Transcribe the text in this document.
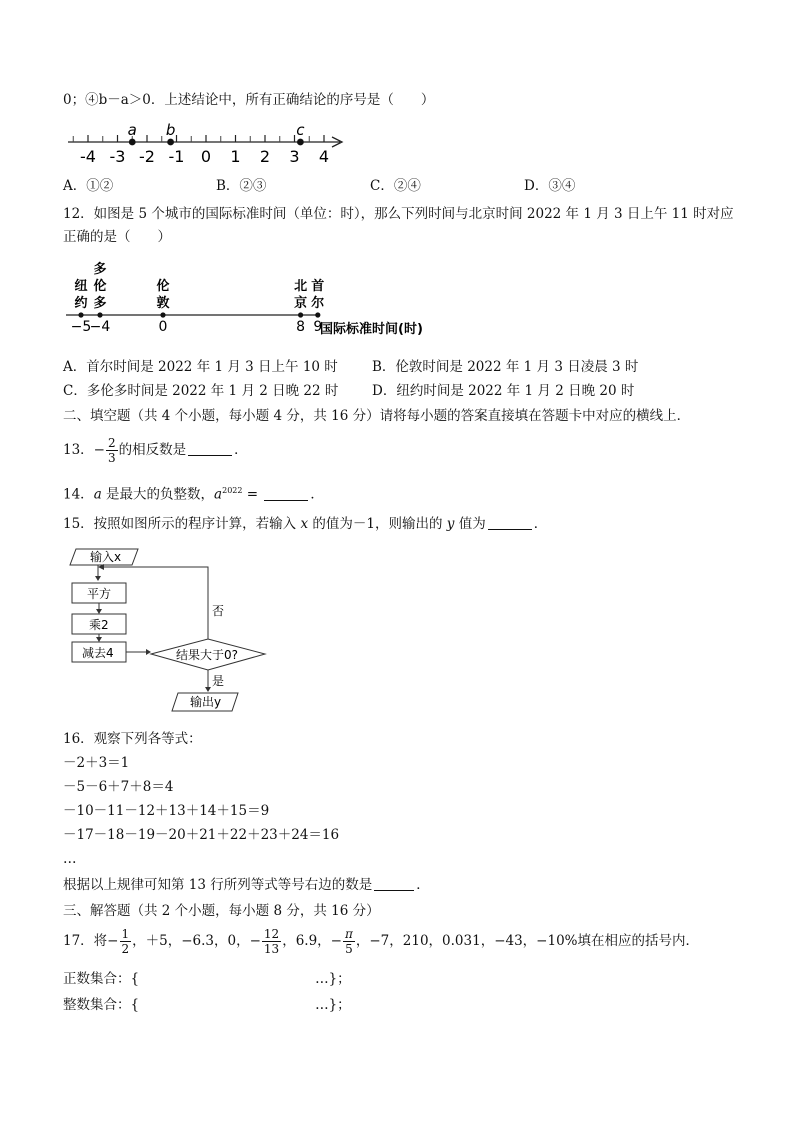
0；④b－a＞0．上述结论中，所有正确结论的序号是（　　）
-4 -3 -2 -1 0 1 2 3 4
a b	c
A．①②	B．②③	C．②④	D．③④
12．如图是 5 个城市的国际标准时间（单位：时），那么下列时间与北京时间 2022 年 1 月 3 日上午 11 时对应
正确的是（　　）
纽
约
−5
多
伦
多
−4
伦
敦
0
北
京
8
首
尔
9
国际标准时间(时)
A．首尔时间是 2022 年 1 月 3 日上午 10 时	B．伦敦时间是 2022 年 1 月 3 日凌晨 3 时
C．多伦多时间是 2022 年 1 月 2 日晚 22 时 D．纽约时间是 2022 年 1 月 2 日晚 20 时
二、填空题（共 4 个小题，每小题 4 分，共 16 分）请将每小题的答案直接填在答题卡中对应的横线上．
13．− $\frac{2}{3}$ 的相反数是	．
14．a 是最大的负整数，$a^{2022}$ =	．
15．按照如图所示的程序计算，若输入 x 的值为－1，则输出的 y 值为	．
输入x
否
平方
乘2
减去4	结果大于0?
是
输出y
16．观察下列各等式：
－2＋3＝1
－5－6＋7＋8＝4
－10－11－12＋13＋14＋15＝9
－17－18－19－20＋21＋22＋23＋24＝16
…
根据以上规律可知第 13 行所列等式等号右边的数是	．
三、解答题（共 2 个小题，每小题 8 分，共 16 分）
17．将− $\frac{1}{2}$ ，＋5，−6.3，0，− $\frac{12}{13}$ ，6.9，− $\frac{\pi}{5}$ ，−7，210，0.031，−43，−10%填在相应的括号内．
正数集合：{	…}；
整数集合：{	…}；
